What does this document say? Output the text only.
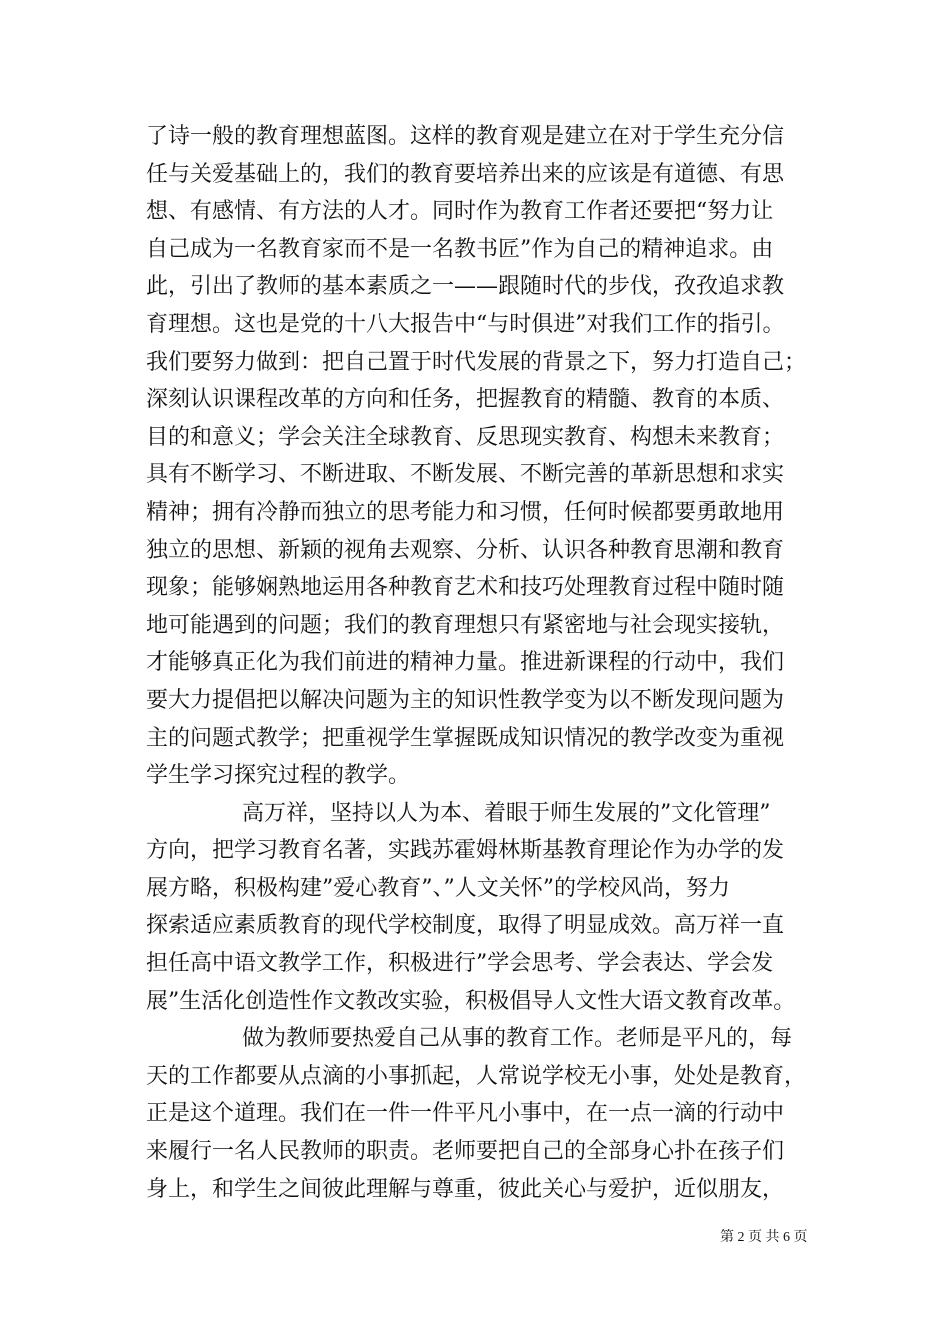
了诗一般的教育理想蓝图。这样的教育观是建立在对于学生充分信
任与关爱基础上的，我们的教育要培养出来的应该是有道德、有思
想、有感情、有方法的人才。同时作为教育工作者还要把“努力让
自己成为一名教育家而不是一名教书匠”作为自己的精神追求。由
此，引出了教师的基本素质之一——跟随时代的步伐，孜孜追求教
育理想。这也是党的十八大报告中“与时俱进”对我们工作的指引。
我们要努力做到：把自己置于时代发展的背景之下，努力打造自己；
深刻认识课程改革的方向和任务，把握教育的精髓、教育的本质、
目的和意义；学会关注全球教育、反思现实教育、构想未来教育；
具有不断学习、不断进取、不断发展、不断完善的革新思想和求实
精神；拥有冷静而独立的思考能力和习惯，任何时候都要勇敢地用
独立的思想、新颖的视角去观察、分析、认识各种教育思潮和教育
现象；能够娴熟地运用各种教育艺术和技巧处理教育过程中随时随
地可能遇到的问题；我们的教育理想只有紧密地与社会现实接轨，
才能够真正化为我们前进的精神力量。推进新课程的行动中，我们
要大力提倡把以解决问题为主的知识性教学变为以不断发现问题为
主的问题式教学；把重视学生掌握既成知识情况的教学改变为重视
学生学习探究过程的教学。
高万祥，坚持以人为本、着眼于师生发展的”文化管理”
方向，把学习教育名著，实践苏霍姆林斯基教育理论作为办学的发
展方略，积极构建”爱心教育”、”人文关怀”的学校风尚，努力
探索适应素质教育的现代学校制度，取得了明显成效。高万祥一直
担任高中语文教学工作，积极进行”学会思考、学会表达、学会发
展”生活化创造性作文教改实验，积极倡导人文性大语文教育改革。
做为教师要热爱自己从事的教育工作。老师是平凡的，每
天的工作都要从点滴的小事抓起，人常说学校无小事，处处是教育，
正是这个道理。我们在一件一件平凡小事中，在一点一滴的行动中
来履行一名人民教师的职责。老师要把自己的全部身心扑在孩子们
身上，和学生之间彼此理解与尊重，彼此关心与爱护，近似朋友，
第 2 页 共 6 页
